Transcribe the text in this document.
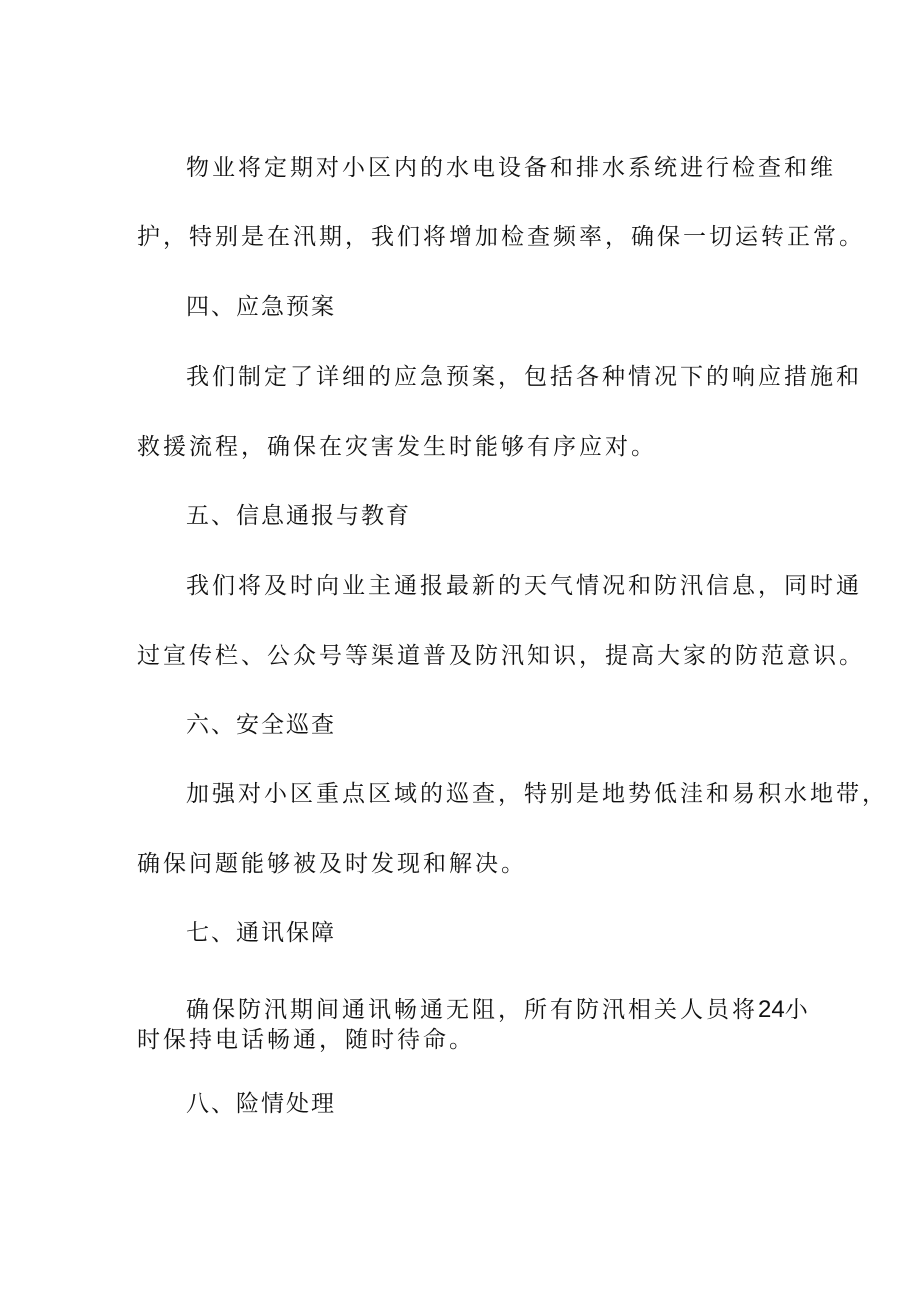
物业将定期对小区内的水电设备和排水系统进行检查和维

护，特别是在汛期，我们将增加检查频率，确保一切运转正常。

四、应急预案

我们制定了详细的应急预案，包括各种情况下的响应措施和

救援流程，确保在灾害发生时能够有序应对。

五、信息通报与教育

我们将及时向业主通报最新的天气情况和防汛信息，同时通

过宣传栏、公众号等渠道普及防汛知识，提高大家的防范意识。

六、安全巡查

加强对小区重点区域的巡查，特别是地势低洼和易积水地带，

确保问题能够被及时发现和解决。

七、通讯保障

确保防汛期间通讯畅通无阻，所有防汛相关人员将24小

时保持电话畅通，随时待命。

八、险情处理
